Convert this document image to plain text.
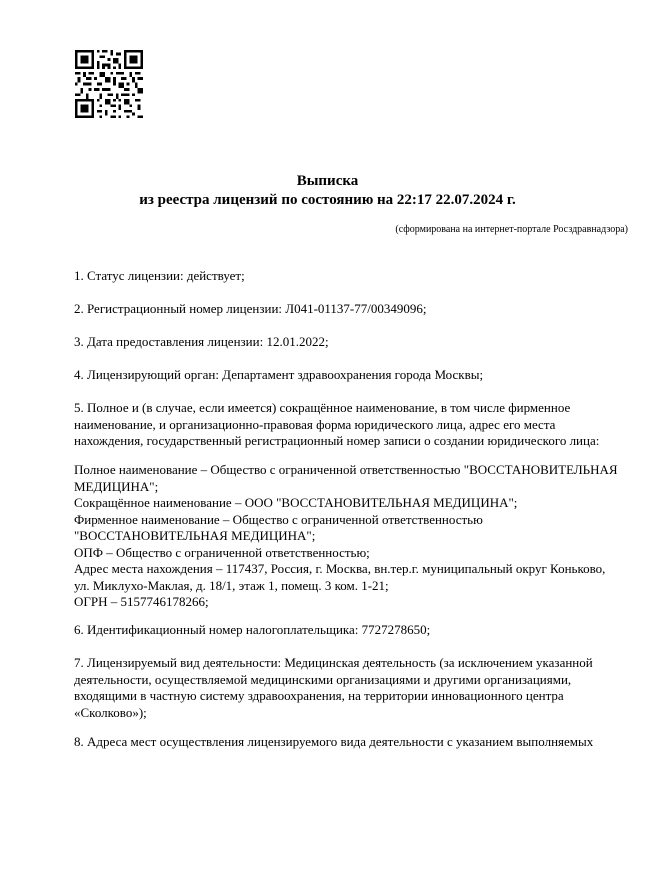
Выписка
из реестра лицензий по состоянию на 22:17 22.07.2024 г.
(сформирована на интернет-портале Росздравнадзора)
1. Статус лицензии: действует;
2. Регистрационный номер лицензии: Л041-01137-77/00349096;
3. Дата предоставления лицензии: 12.01.2022;
4. Лицензирующий орган: Департамент здравоохранения города Москвы;
5. Полное и (в случае, если имеется) сокращённое наименование, в том числе фирменное
наименование, и организационно-правовая форма юридического лица, адрес его места
нахождения, государственный регистрационный номер записи о создании юридического лица:
Полное наименование – Общество с ограниченной ответственностью "ВОССТАНОВИТЕЛЬНАЯ
МЕДИЦИНА";
Сокращённое наименование – ООО "ВОССТАНОВИТЕЛЬНАЯ МЕДИЦИНА";
Фирменное наименование – Общество с ограниченной ответственностью
"ВОССТАНОВИТЕЛЬНАЯ МЕДИЦИНА";
ОПФ – Общество с ограниченной ответственностью;
Адрес места нахождения – 117437, Россия, г. Москва, вн.тер.г. муниципальный округ Коньково,
ул. Миклухо-Маклая, д. 18/1, этаж 1, помещ. 3 ком. 1-21;
ОГРН – 5157746178266;
6. Идентификационный номер налогоплательщика: 7727278650;
7. Лицензируемый вид деятельности: Медицинская деятельность (за исключением указанной
деятельности, осуществляемой медицинскими организациями и другими организациями,
входящими в частную систему здравоохранения, на территории инновационного центра
«Сколково»);
8. Адреса мест осуществления лицензируемого вида деятельности с указанием выполняемых
